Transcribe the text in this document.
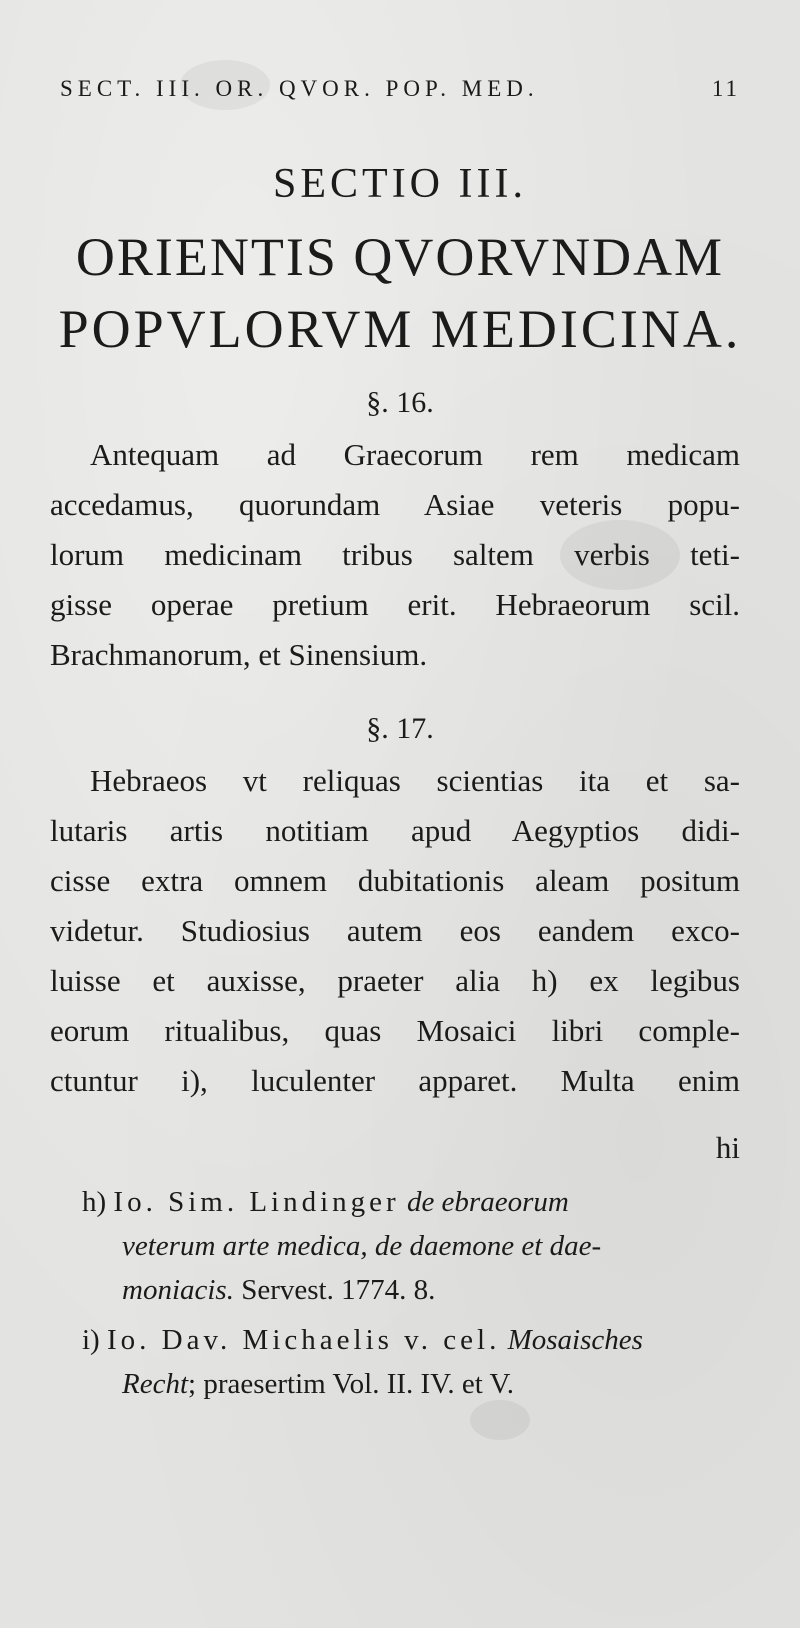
SECT. III. OR. QVOR. POP. MED.	11
SECTIO III.
ORIENTIS QVORVNDAM
POPVLORVM MEDICINA.
§. 16.
Antequam ad Graecorum rem medicam
accedamus, quorundam Asiae veteris popu-
lorum medicinam tribus saltem verbis teti-
gisse operae pretium erit. Hebraeorum scil.
Brachmanorum, et Sinensium.
§. 17.
Hebraeos vt reliquas scientias ita et sa-
lutaris artis notitiam apud Aegyptios didi-
cisse extra omnem dubitationis aleam positum
videtur. Studiosius autem eos eandem exco-
luisse et auxisse, praeter alia h) ex legibus
eorum ritualibus, quas Mosaici libri comple-
ctuntur i), luculenter apparet. Multa enim
hi
h) Io. Sim. Lindinger de ebraeorum
veterum arte medica, de daemone et dae-
moniacis. Servest. 1774. 8.
i) Io. Dav. Michaelis v. cel. Mosaisches
Recht; praesertim Vol. II. IV. et V.
